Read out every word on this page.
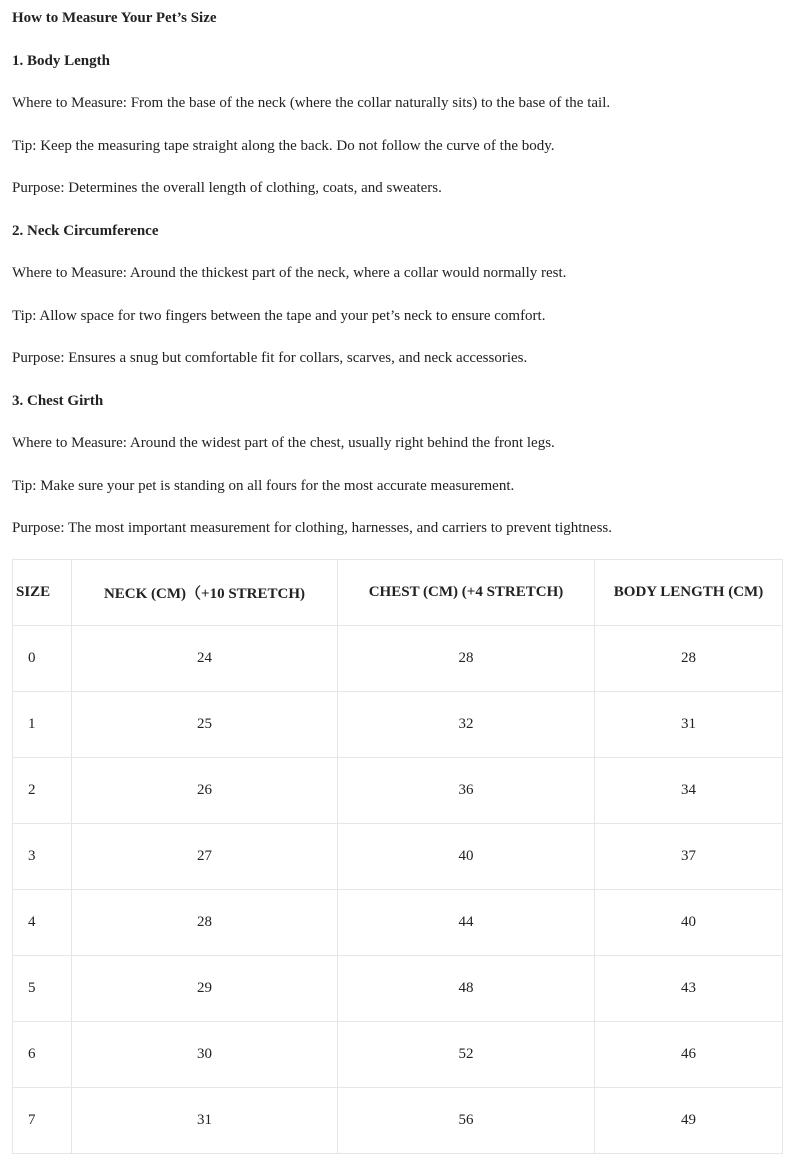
How to Measure Your Pet’s Size
1. Body Length
Where to Measure: From the base of the neck (where the collar naturally sits) to the base of the tail.
Tip: Keep the measuring tape straight along the back. Do not follow the curve of the body.
Purpose: Determines the overall length of clothing, coats, and sweaters.
2. Neck Circumference
Where to Measure: Around the thickest part of the neck, where a collar would normally rest.
Tip: Allow space for two fingers between the tape and your pet’s neck to ensure comfort.
Purpose: Ensures a snug but comfortable fit for collars, scarves, and neck accessories.
3. Chest Girth
Where to Measure: Around the widest part of the chest, usually right behind the front legs.
Tip: Make sure your pet is standing on all fours for the most accurate measurement.
Purpose: The most important measurement for clothing, harnesses, and carriers to prevent tightness.
SIZE	NECK (CM)（+10 STRETCH)	CHEST (CM) (+4 STRETCH)	BODY LENGTH (CM)
0	24	28	28
1	25	32	31
2	26	36	34
3	27	40	37
4	28	44	40
5	29	48	43
6	30	52	46
7	31	56	49
